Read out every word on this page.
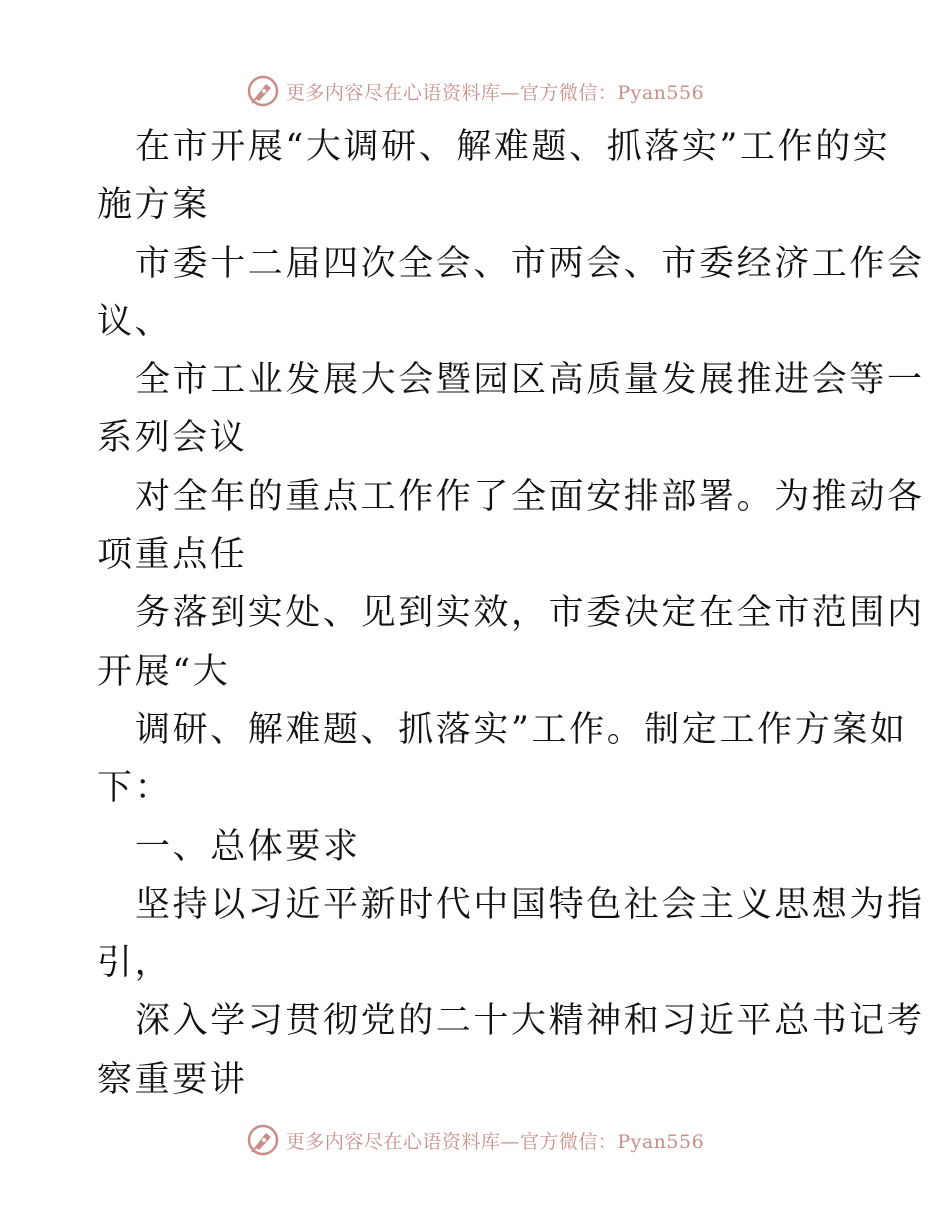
更多内容尽在心语资料库—官方微信：Pyan556
在市开展“大调研、解难题、抓落实”工作的实
施方案
市委十二届四次全会、市两会、市委经济工作会
议、
全市工业发展大会暨园区高质量发展推进会等一
系列会议
对全年的重点工作作了全面安排部署。为推动各
项重点任
务落到实处、见到实效，市委决定在全市范围内
开展“大
调研、解难题、抓落实”工作。制定工作方案如
下：
一、总体要求
坚持以习近平新时代中国特色社会主义思想为指
引，
深入学习贯彻党的二十大精神和习近平总书记考
察重要讲
更多内容尽在心语资料库—官方微信：Pyan556
